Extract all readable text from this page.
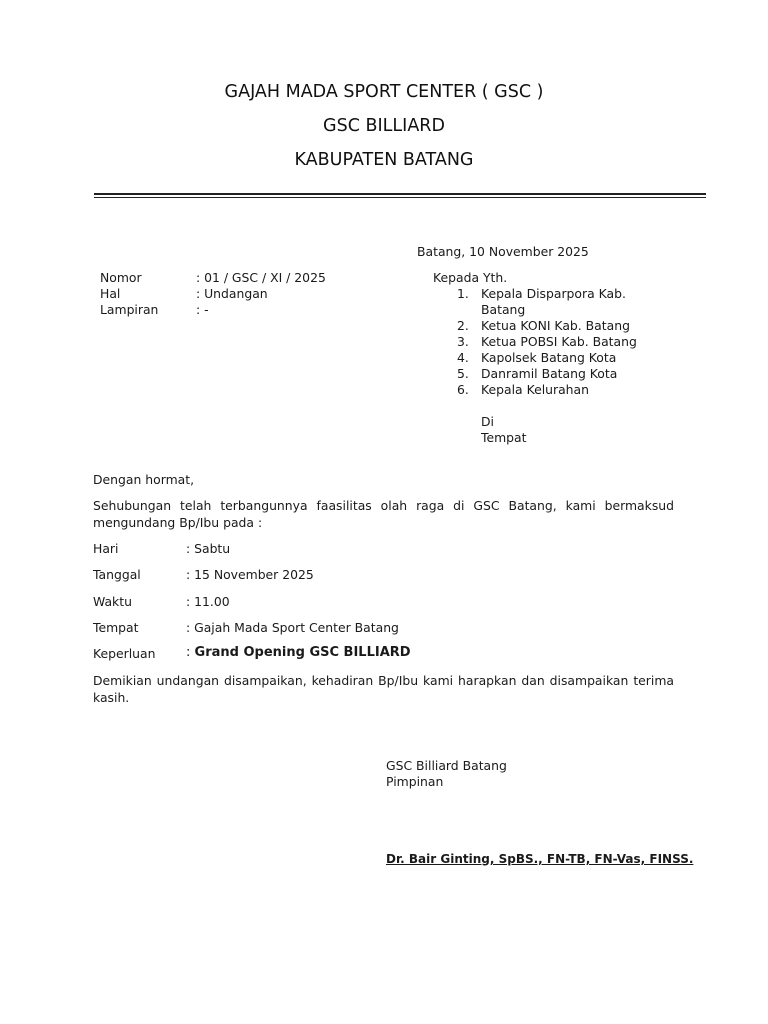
GAJAH MADA SPORT CENTER ( GSC )
GSC BILLIARD
KABUPATEN BATANG
Batang, 10 November 2025
Nomor	: 01 / GSC / XI / 2025
Hal	: Undangan
Lampiran	: -
Kepada Yth.
1. Kepala Disparpora Kab.
Batang
2. Ketua KONI Kab. Batang
3. Ketua POBSI Kab. Batang
4. Kapolsek Batang Kota
5. Danramil Batang Kota
6. Kepala Kelurahan
Di
Tempat
Dengan hormat,
Sehubungan telah terbangunnya faasilitas olah raga di GSC Batang, kami bermaksud
mengundang Bp/Ibu pada :
Hari	: Sabtu
Tanggal	: 15 November 2025
Waktu	: 11.00
Tempat	: Gajah Mada Sport Center Batang
Keperluan : Grand Opening GSC BILLIARD
Demikian undangan disampaikan, kehadiran Bp/Ibu kami harapkan dan disampaikan terima
kasih.
GSC Billiard Batang
Pimpinan
Dr. Bair Ginting, SpBS., FN-TB, FN-Vas, FINSS.
